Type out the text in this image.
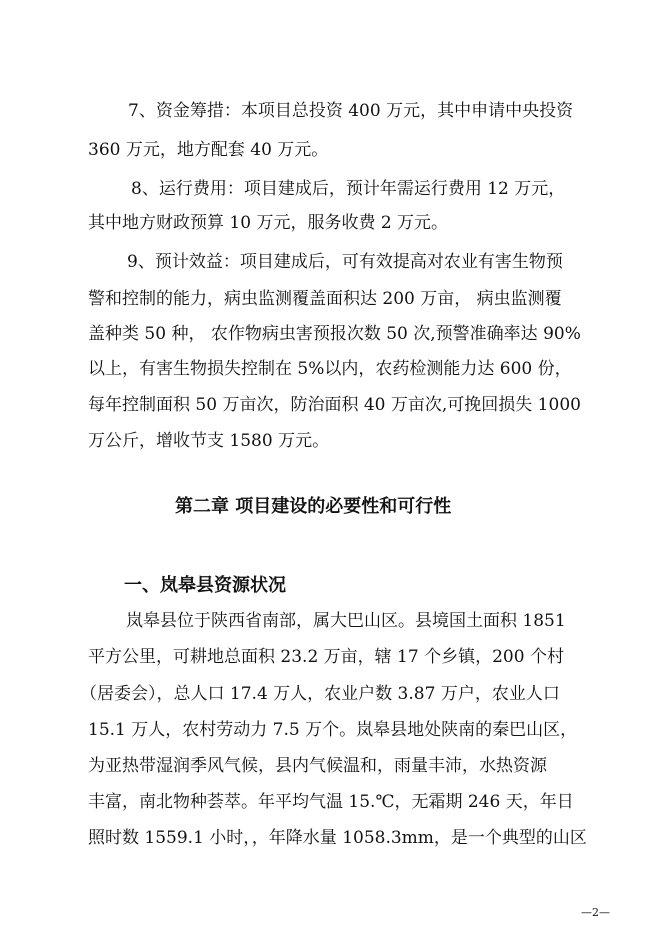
7、资金筹措：本项目总投资 400 万元，其中申请中央投资
360 万元，地方配套 40 万元。
8、运行费用：项目建成后，预计年需运行费用 12 万元，
其中地方财政预算 10 万元，服务收费 2 万元。
9、预计效益：项目建成后，可有效提高对农业有害生物预
警和控制的能力，病虫监测覆盖面积达 200 万亩， 病虫监测覆
盖种类 50 种， 农作物病虫害预报次数 50 次,预警准确率达 90%
以上，有害生物损失控制在 5%以内，农药检测能力达 600 份，
每年控制面积 50 万亩次，防治面积 40 万亩次,可挽回损失 1000
万公斤，增收节支 1580 万元。
第二章 项目建设的必要性和可行性
一、岚皋县资源状况
岚皋县位于陕西省南部，属大巴山区。县境国土面积 1851
平方公里，可耕地总面积 23.2 万亩，辖 17 个乡镇，200 个村
（居委会），总人口 17.4 万人，农业户数 3.87 万户，农业人口
15.1 万人，农村劳动力 7.5 万个。岚皋县地处陕南的秦巴山区，
为亚热带湿润季风气候，县内气候温和，雨量丰沛，水热资源
丰富，南北物种荟萃。年平均气温 15.℃，无霜期 246 天，年日
照时数 1559.1 小时，，年降水量 1058.3mm，是一个典型的山区
—2—
